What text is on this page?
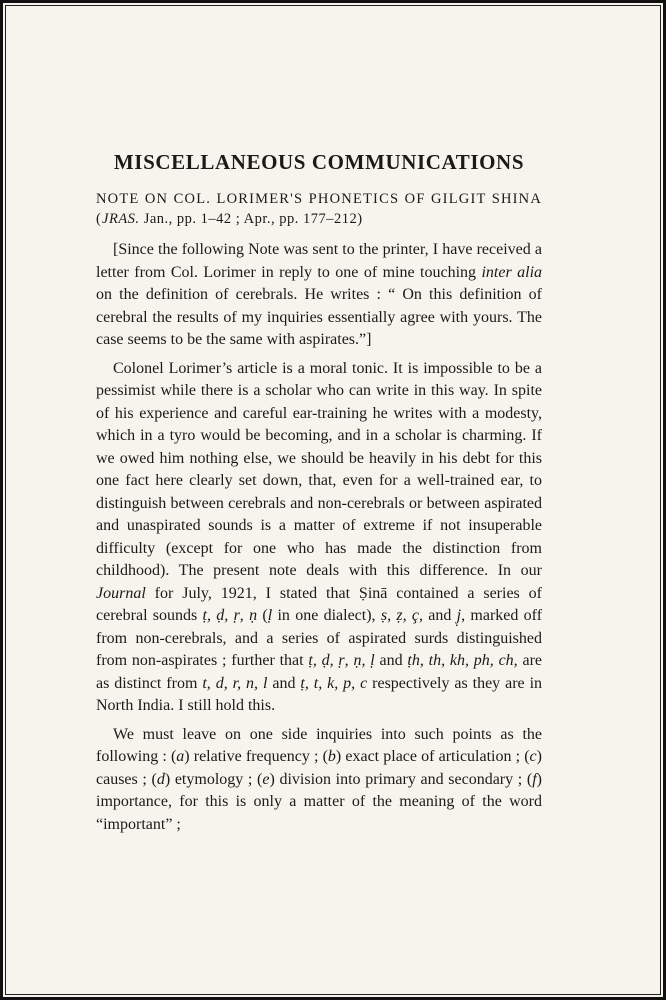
MISCELLANEOUS COMMUNICATIONS

NOTE ON COL. LORIMER'S PHONETICS OF GILGIT SHINA (JRAS. Jan., pp. 1–42 ; Apr., pp. 177–212)

[Since the following Note was sent to the printer, I have received a letter from Col. Lorimer in reply to one of mine touching inter alia on the definition of cerebrals. He writes : “ On this definition of cerebral the results of my inquiries essentially agree with yours. The case seems to be the same with aspirates.”]

Colonel Lorimer’s article is a moral tonic. It is impossible to be a pessimist while there is a scholar who can write in this way. In spite of his experience and careful ear-training he writes with a modesty, which in a tyro would be becoming, and in a scholar is charming. If we owed him nothing else, we should be heavily in his debt for this one fact here clearly set down, that, even for a well-trained ear, to distinguish between cerebrals and non-cerebrals or between aspirated and unaspirated sounds is a matter of extreme if not insuperable difficulty (except for one who has made the distinction from childhood). The present note deals with this difference. In our Journal for July, 1921, I stated that Ṣinā contained a series of cerebral sounds ṭ, ḍ, ṛ, ṇ (ḷ in one dialect), ṣ, ẓ, ç, and j̣, marked off from non-cerebrals, and a series of aspirated surds distinguished from non-aspirates ; further that ṭ, ḍ, ṛ, ṇ, ḷ and ṭh, th, kh, ph, ch, are as distinct from t, d, r, n, l and ṭ, t, k, p, c respectively as they are in North India. I still hold this.

We must leave on one side inquiries into such points as the following : (a) relative frequency ; (b) exact place of articulation ; (c) causes ; (d) etymology ; (e) division into primary and secondary ; (f) importance, for this is only a matter of the meaning of the word “important” ;
